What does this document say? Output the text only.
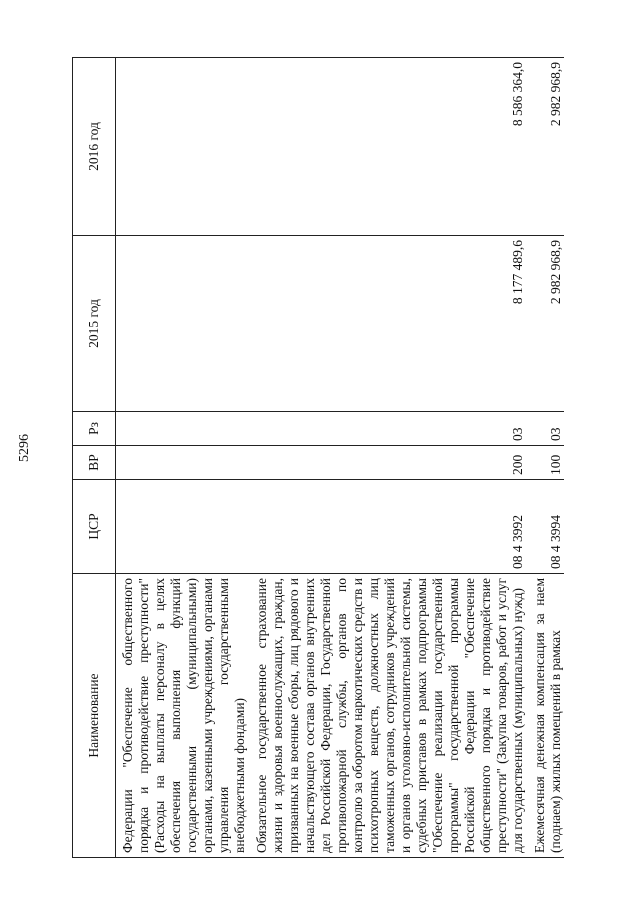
5296
Наименование	ЦСР	ВР	Рз	2015 год	2016 год
Федерации "Обеспечение общественного порядка и противодействие преступности" (Расходы на выплаты персоналу в целях обеспечения выполнения функций государственными (муниципальными) органами, казенными учреждениями, органами управления государственными внебюджетными фондами)					
Обязательное государственное страхование жизни и здоровья военнослужащих, граждан, призванных на военные сборы, лиц рядового и начальствующего состава органов внутренних дел Российской Федерации, Государственной противопожарной службы, органов по контролю за оборотом наркотических средств и психотропных веществ, должностных лиц таможенных органов, сотрудников учреждений и органов уголовно-исполнительной системы, судебных приставов в рамках подпрограммы "Обеспечение реализации государственной программы" государственной программы Российской Федерации "Обеспечение общественного порядка и противодействие преступности" (Закупка товаров, работ и услуг для государственных (муниципальных) нужд)	08 4 3992	200	03	8 177 489,6	8 586 364,0
Ежемесячная денежная компенсация за наем (поднаем) жилых помещений в рамках	08 4 3994	100	03	2 982 968,9	2 982 968,9
